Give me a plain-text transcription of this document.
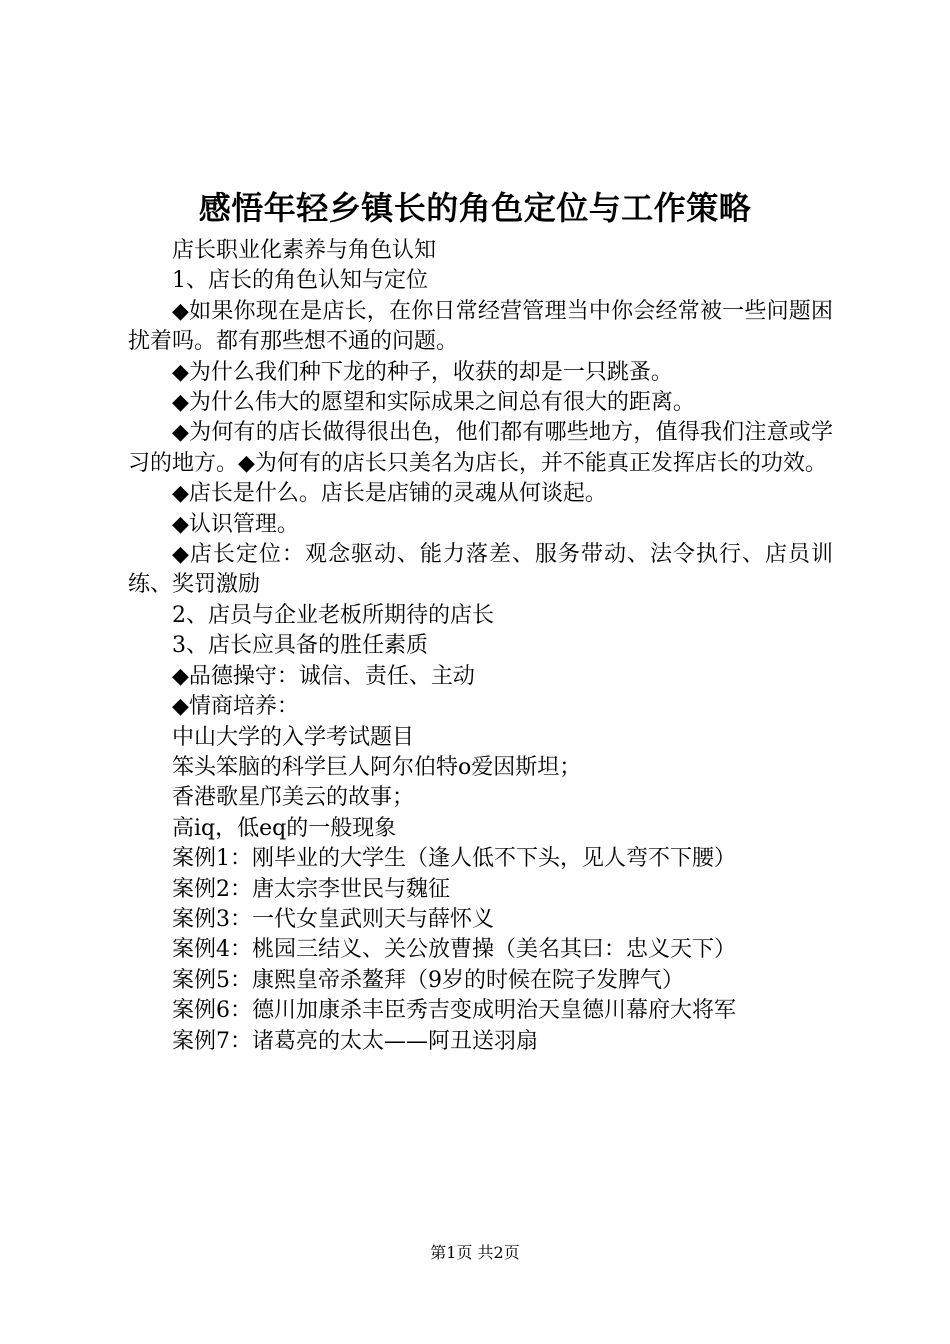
感悟年轻乡镇长的角色定位与工作策略

店长职业化素养与角色认知

1、店长的角色认知与定位

◆如果你现在是店长，在你日常经营管理当中你会经常被一些问题困扰着吗。都有那些想不通的问题。

◆为什么我们种下龙的种子，收获的却是一只跳蚤。

◆为什么伟大的愿望和实际成果之间总有很大的距离。

◆为何有的店长做得很出色，他们都有哪些地方，值得我们注意或学习的地方。◆为何有的店长只美名为店长，并不能真正发挥店长的功效。

◆店长是什么。店长是店铺的灵魂从何谈起。

◆认识管理。

◆店长定位：观念驱动、能力落差、服务带动、法令执行、店员训练、奖罚激励

2、店员与企业老板所期待的店长

3、店长应具备的胜任素质

◆品德操守：诚信、责任、主动

◆情商培养：

中山大学的入学考试题目

笨头笨脑的科学巨人阿尔伯特o爱因斯坦；

香港歌星邝美云的故事；

高iq，低eq的一般现象

案例1：刚毕业的大学生（逢人低不下头，见人弯不下腰）

案例2：唐太宗李世民与魏征

案例3：一代女皇武则天与薛怀义

案例4：桃园三结义、关公放曹操（美名其曰：忠义天下）

案例5：康熙皇帝杀鳌拜（9岁的时候在院子发脾气）

案例6：德川加康杀丰臣秀吉变成明治天皇德川幕府大将军

案例7：诸葛亮的太太——阿丑送羽扇

第1页 共2页
